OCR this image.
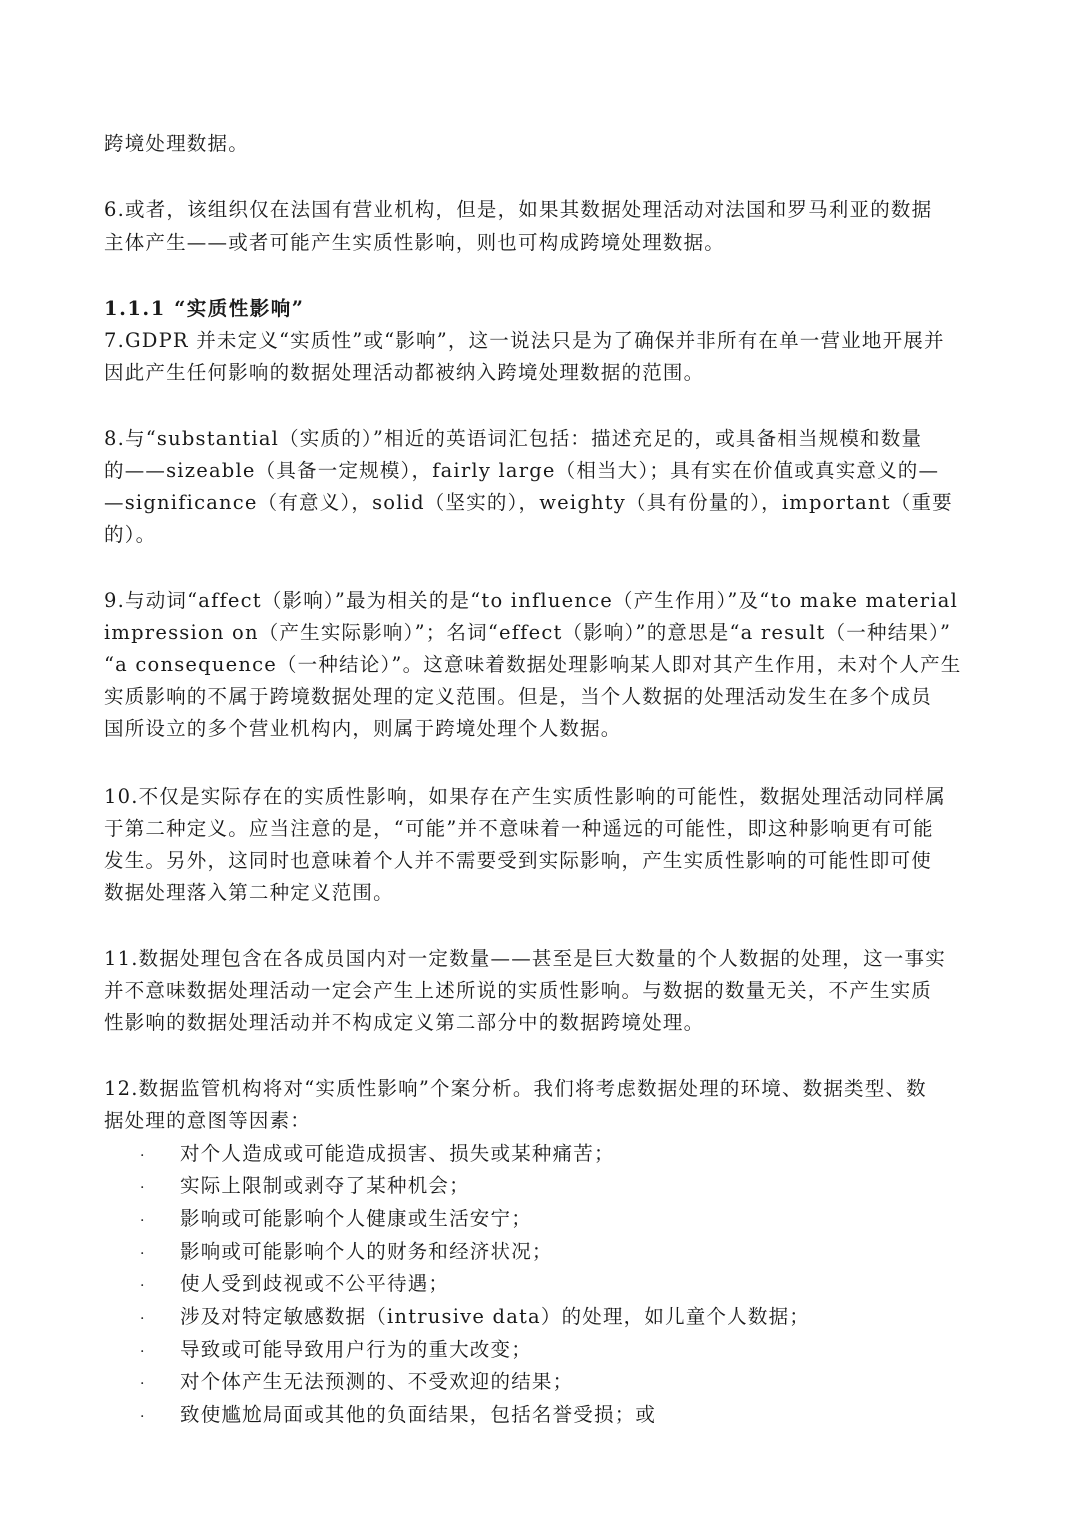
跨境处理数据。
6.或者，该组织仅在法国有营业机构，但是，如果其数据处理活动对法国和罗马利亚的数据
主体产生——或者可能产生实质性影响，则也可构成跨境处理数据。
1.1.1 “实质性影响”
7.GDPR 并未定义“实质性”或“影响”，这一说法只是为了确保并非所有在单一营业地开展并
因此产生任何影响的数据处理活动都被纳入跨境处理数据的范围。
8.与“substantial（实质的）”相近的英语词汇包括：描述充足的，或具备相当规模和数量
的——sizeable（具备一定规模），fairly large（相当大）；具有实在价值或真实意义的—
—significance（有意义），solid（坚实的），weighty（具有份量的），important（重要
的）。
9.与动词“affect（影响）”最为相关的是“to influence（产生作用）”及“to make material
impression on（产生实际影响）”；名词“effect（影响）”的意思是“a result（一种结果）”
“a consequence（一种结论）”。这意味着数据处理影响某人即对其产生作用，未对个人产生
实质影响的不属于跨境数据处理的定义范围。但是，当个人数据的处理活动发生在多个成员
国所设立的多个营业机构内，则属于跨境处理个人数据。
10.不仅是实际存在的实质性影响，如果存在产生实质性影响的可能性，数据处理活动同样属
于第二种定义。应当注意的是，“可能”并不意味着一种遥远的可能性，即这种影响更有可能
发生。另外，这同时也意味着个人并不需要受到实际影响，产生实质性影响的可能性即可使
数据处理落入第二种定义范围。
11.数据处理包含在各成员国内对一定数量——甚至是巨大数量的个人数据的处理，这一事实
并不意味数据处理活动一定会产生上述所说的实质性影响。与数据的数量无关，不产生实质
性影响的数据处理活动并不构成定义第二部分中的数据跨境处理。
12.数据监管机构将对“实质性影响”个案分析。我们将考虑数据处理的环境、数据类型、数
据处理的意图等因素：
· 对个人造成或可能造成损害、损失或某种痛苦；
· 实际上限制或剥夺了某种机会；
· 影响或可能影响个人健康或生活安宁；
· 影响或可能影响个人的财务和经济状况；
· 使人受到歧视或不公平待遇；
· 涉及对特定敏感数据（intrusive data）的处理，如儿童个人数据；
· 导致或可能导致用户行为的重大改变；
· 对个体产生无法预测的、不受欢迎的结果；
· 致使尴尬局面或其他的负面结果，包括名誉受损；或
